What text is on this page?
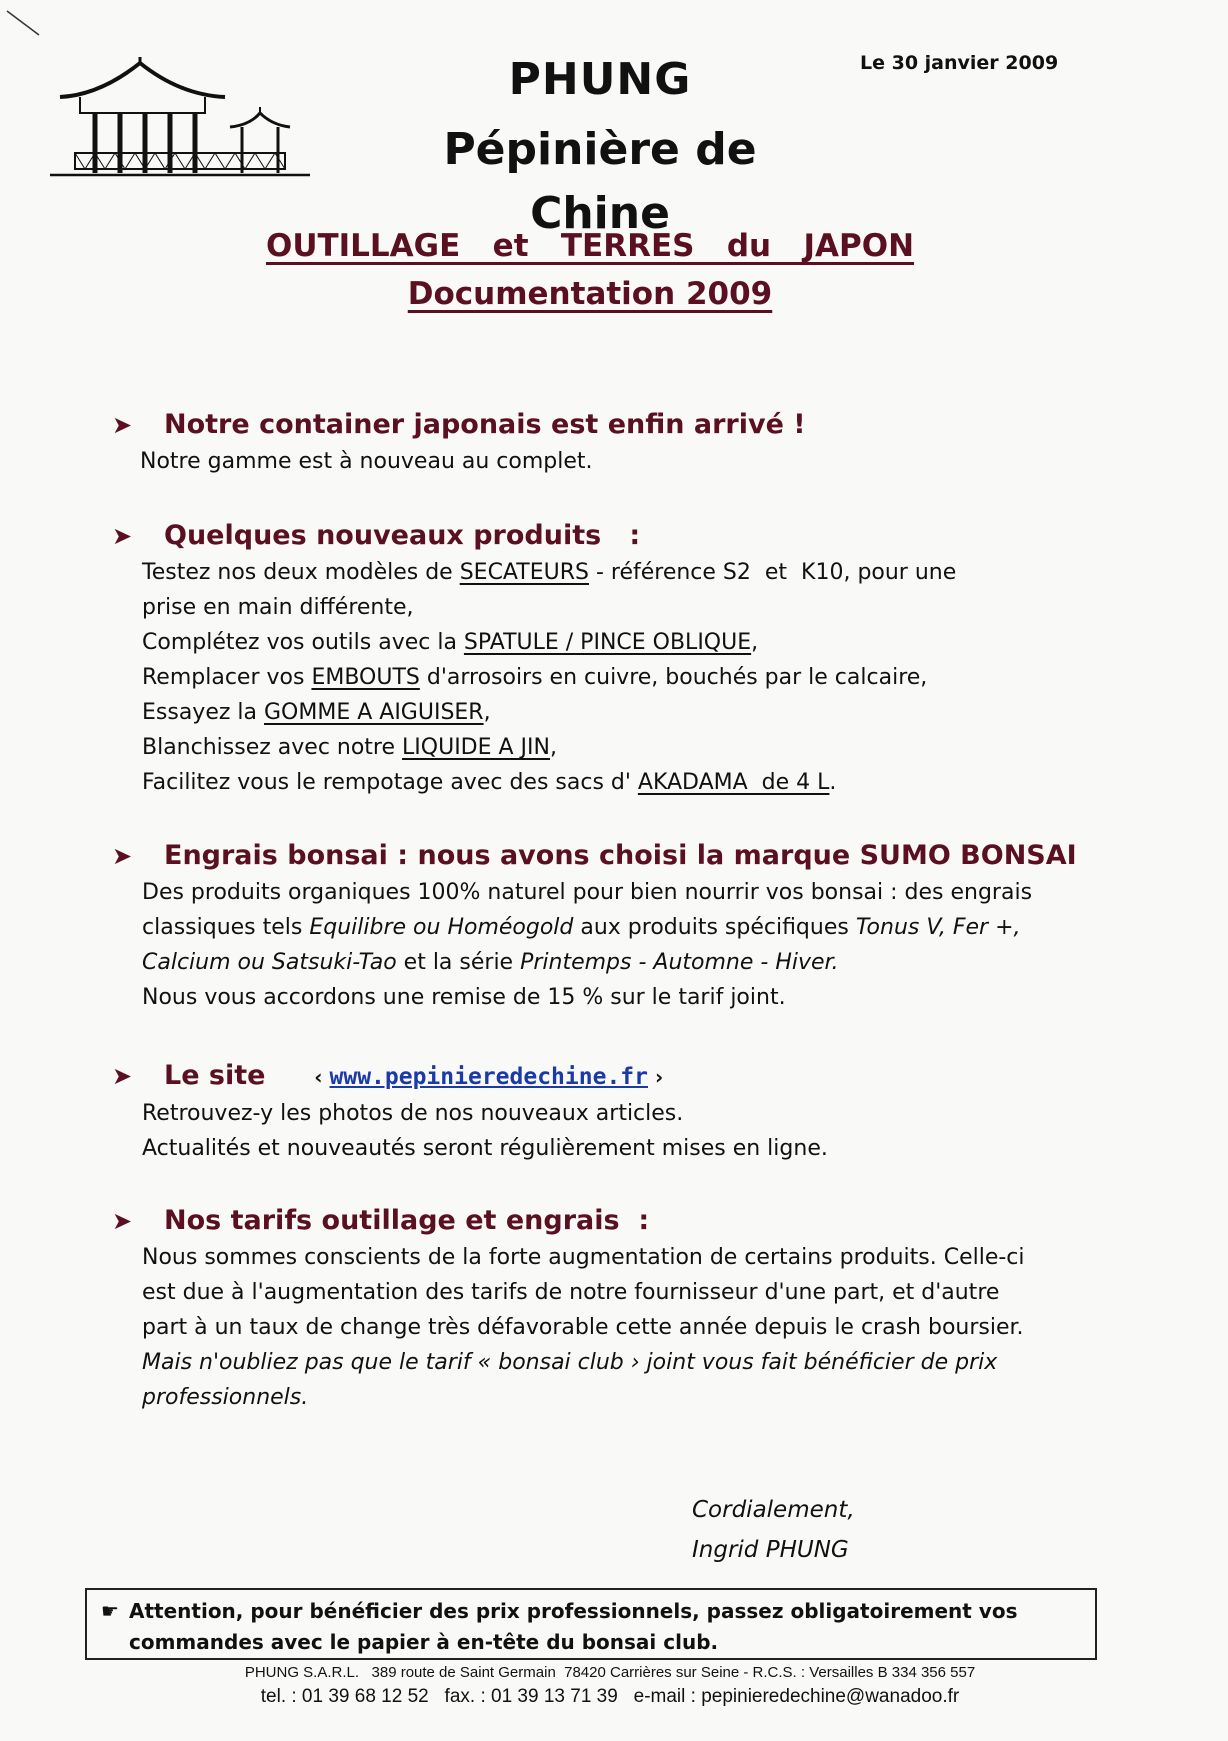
PHUNG
Pépinière de Chine
Le 30 janvier 2009
OUTILLAGE   et   TERRES   du   JAPON
Documentation 2009
➤ Notre container japonais est enfin arrivé !
Notre gamme est à nouveau au complet.
➤ Quelques nouveaux produits   :
Testez nos deux modèles de SECATEURS - référence S2  et  K10, pour une
prise en main différente,
Complétez vos outils avec la SPATULE / PINCE OBLIQUE,
Remplacer vos EMBOUTS d'arrosoirs en cuivre, bouchés par le calcaire,
Essayez la GOMME A AIGUISER,
Blanchissez avec notre LIQUIDE A JIN,
Facilitez vous le rempotage avec des sacs d' AKADAMA  de 4 L.
➤ Engrais bonsai : nous avons choisi la marque SUMO BONSAI
Des produits organiques 100% naturel pour bien nourrir vos bonsai : des engrais
classiques tels Equilibre ou Homéogold aux produits spécifiques Tonus V, Fer +,
Calcium ou Satsuki-Tao et la série Printemps - Automne - Hiver.
Nous vous accordons une remise de 15 % sur le tarif joint.
➤ Le site ‹ www.pepinieredechine.fr ›
Retrouvez-y les photos de nos nouveaux articles.
Actualités et nouveautés seront régulièrement mises en ligne.
➤ Nos tarifs outillage et engrais  :
Nous sommes conscients de la forte augmentation de certains produits. Celle-ci
est due à l'augmentation des tarifs de notre fournisseur d'une part, et d'autre
part à un taux de change très défavorable cette année depuis le crash boursier.
Mais n'oubliez pas que le tarif « bonsai club › joint vous fait bénéficier de prix
professionnels.
Cordialement,
Ingrid PHUNG
☛ Attention, pour bénéficier des prix professionnels, passez obligatoirement vos
commandes avec le papier à en-tête du bonsai club.
PHUNG S.A.R.L.   389 route de Saint Germain  78420 Carrières sur Seine - R.C.S. : Versailles B 334 356 557
tel. : 01 39 68 12 52   fax. : 01 39 13 71 39   e-mail : pepinieredechine@wanadoo.fr
